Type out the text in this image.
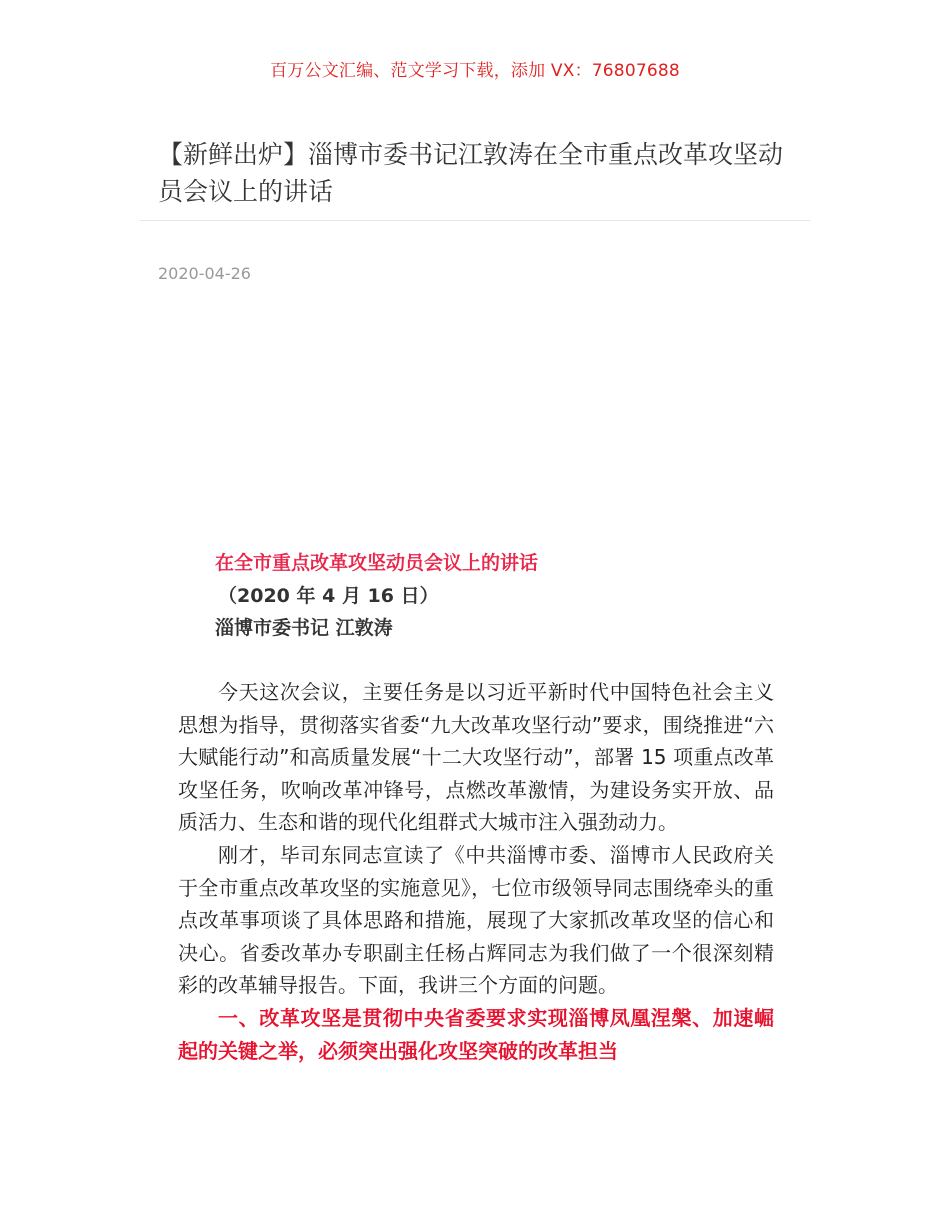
百万公文汇编、范文学习下载，添加 VX：76807688
【新鲜出炉】淄博市委书记江敦涛在全市重点改革攻坚动员会议上的讲话
2020-04-26
在全市重点改革攻坚动员会议上的讲话
（2020 年 4 月 16 日）
淄博市委书记 江敦涛

今天这次会议，主要任务是以习近平新时代中国特色社会主义思想为指导，贯彻落实省委“九大改革攻坚行动”要求，围绕推进“六大赋能行动”和高质量发展“十二大攻坚行动”，部署 15 项重点改革攻坚任务，吹响改革冲锋号，点燃改革激情，为建设务实开放、品质活力、生态和谐的现代化组群式大城市注入强劲动力。

刚才，毕司东同志宣读了《中共淄博市委、淄博市人民政府关于全市重点改革攻坚的实施意见》，七位市级领导同志围绕牵头的重点改革事项谈了具体思路和措施，展现了大家抓改革攻坚的信心和决心。省委改革办专职副主任杨占辉同志为我们做了一个很深刻精彩的改革辅导报告。下面，我讲三个方面的问题。

一、改革攻坚是贯彻中央省委要求实现淄博凤凰涅槃、加速崛起的关键之举，必须突出强化攻坚突破的改革担当
